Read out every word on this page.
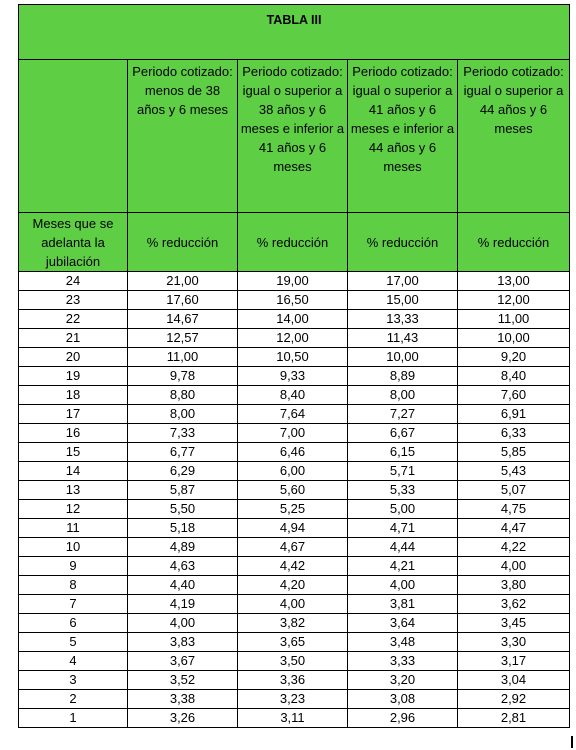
TABLA III				
	Periodo cotizado: menos de 38 años y 6 meses	Periodo cotizado: igual o superior a 38 años y 6 meses e inferior a 41 años y 6 meses	Periodo cotizado: igual o superior a 41 años y 6 meses e inferior a 44 años y 6 meses	Periodo cotizado: igual o superior a 44 años y 6 meses
Meses que se adelanta la jubilación	% reducción	% reducción	% reducción	% reducción
24	21,00	19,00	17,00	13,00
23	17,60	16,50	15,00	12,00
22	14,67	14,00	13,33	11,00
21	12,57	12,00	11,43	10,00
20	11,00	10,50	10,00	9,20
19	9,78	9,33	8,89	8,40
18	8,80	8,40	8,00	7,60
17	8,00	7,64	7,27	6,91
16	7,33	7,00	6,67	6,33
15	6,77	6,46	6,15	5,85
14	6,29	6,00	5,71	5,43
13	5,87	5,60	5,33	5,07
12	5,50	5,25	5,00	4,75
11	5,18	4,94	4,71	4,47
10	4,89	4,67	4,44	4,22
9	4,63	4,42	4,21	4,00
8	4,40	4,20	4,00	3,80
7	4,19	4,00	3,81	3,62
6	4,00	3,82	3,64	3,45
5	3,83	3,65	3,48	3,30
4	3,67	3,50	3,33	3,17
3	3,52	3,36	3,20	3,04
2	3,38	3,23	3,08	2,92
1	3,26	3,11	2,96	2,81
